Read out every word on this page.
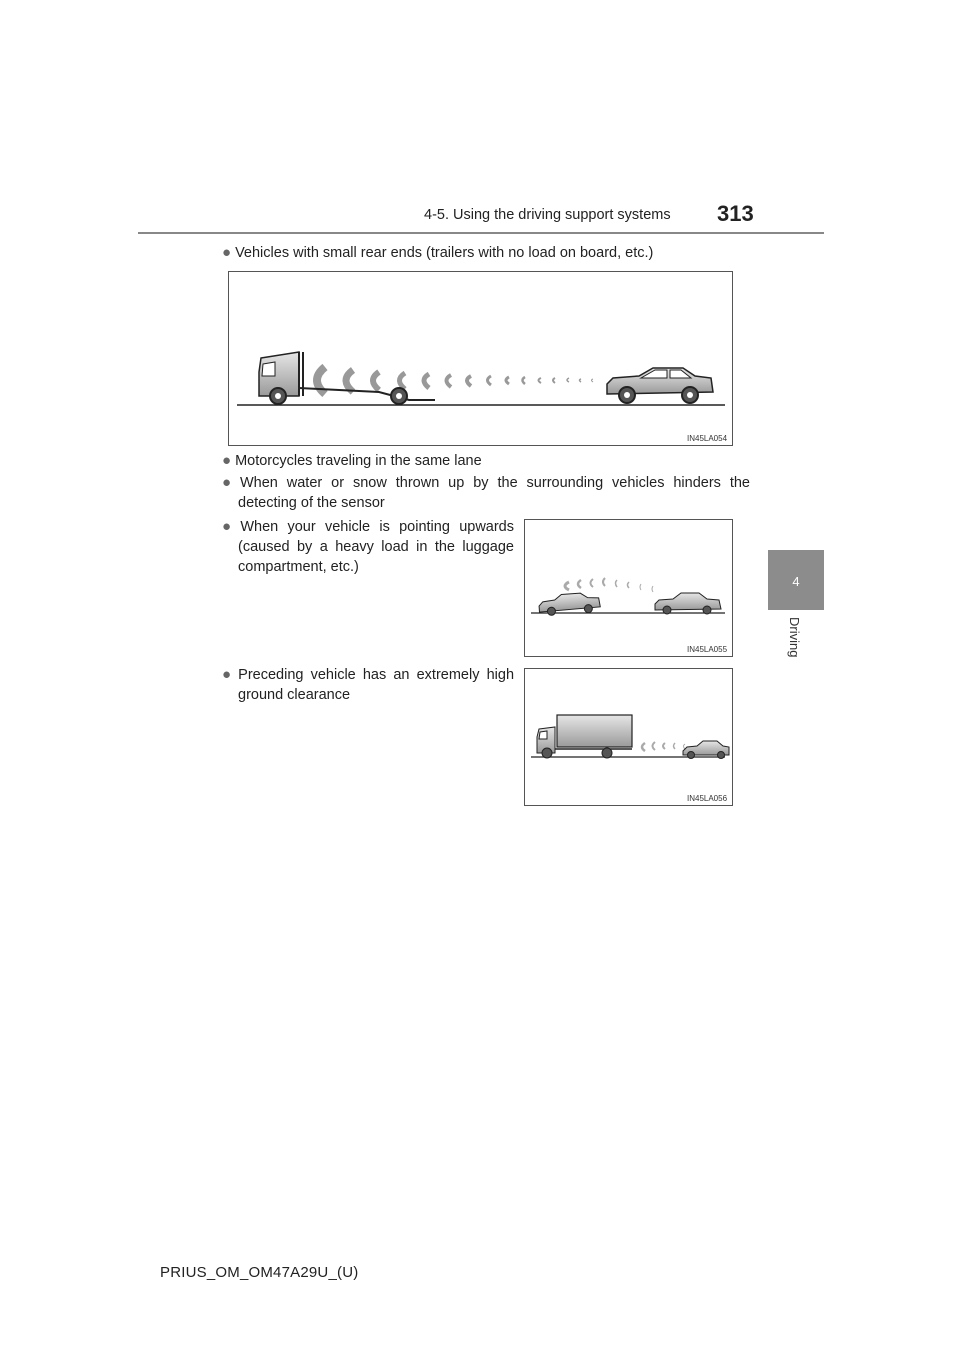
4-5. Using the driving support systems 313
4
Driving
● Vehicles with small rear ends (trailers with no load on board, etc.)
IN45LA054
● Motorcycles traveling in the same lane
● When water or snow thrown up by the surrounding vehicles hinders the
detecting of the sensor
● When your vehicle is pointing upwards
(caused by a heavy load in the luggage
compartment, etc.)
IN45LA055
● Preceding vehicle has an extremely high
ground clearance
IN45LA056
PRIUS_OM_OM47A29U_(U)
